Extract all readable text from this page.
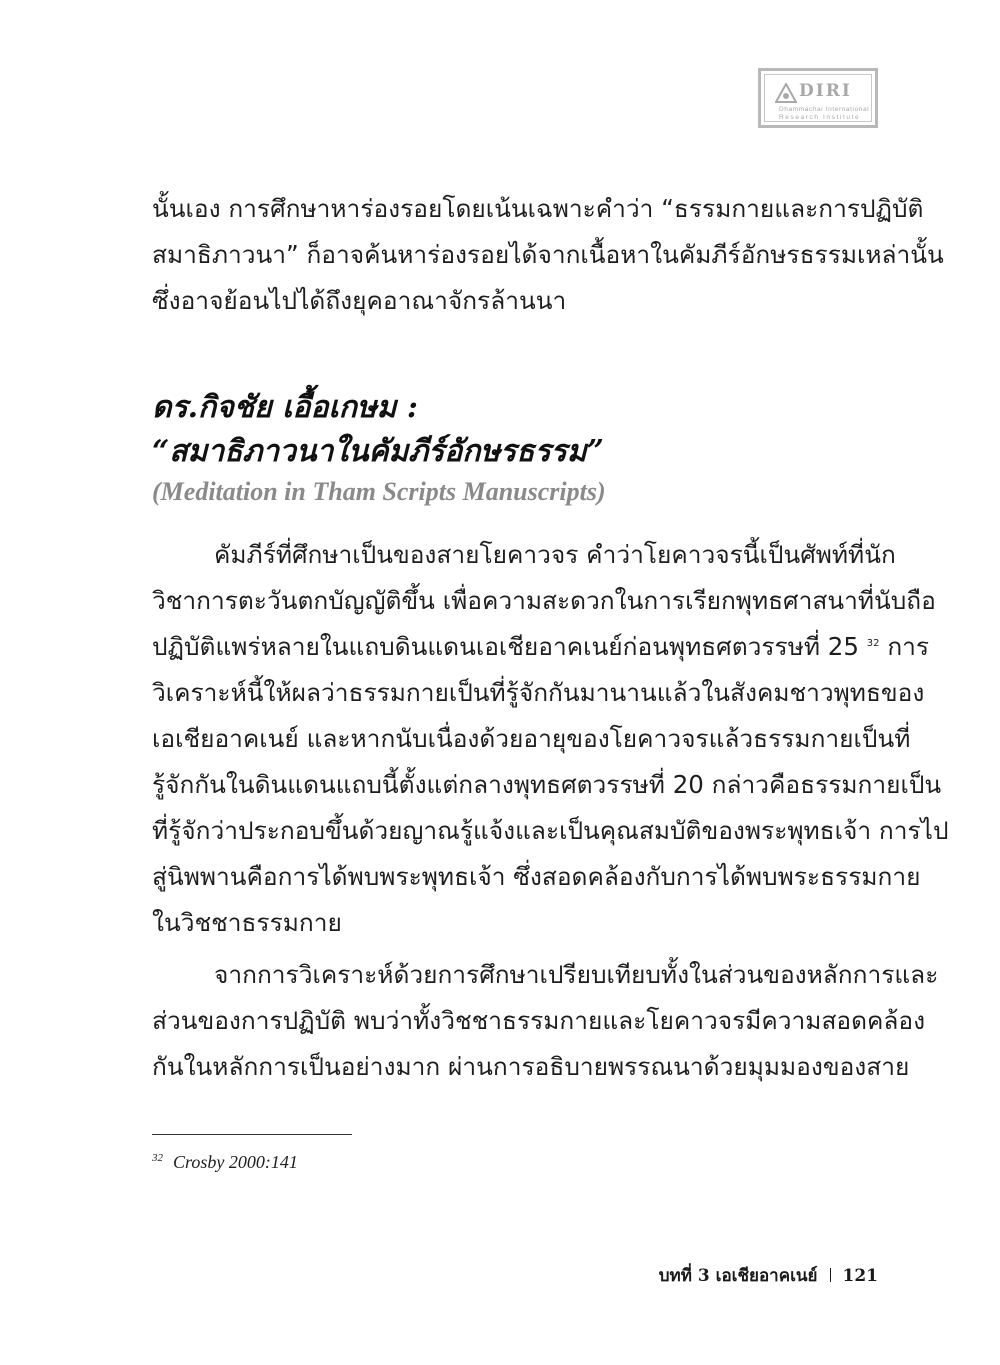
DIRI
Dhammachai International
Research Institute

นั้นเอง การศึกษาหาร่องรอยโดยเน้นเฉพาะคำว่า “ธรรมกายและการปฏิบัติ
สมาธิภาวนา” ก็อาจค้นหาร่องรอยได้จากเนื้อหาในคัมภีร์อักษรธรรมเหล่านั้น
ซึ่งอาจย้อนไปได้ถึงยุคอาณาจักรล้านนา

ดร.กิจชัย เอื้อเกษม :
“สมาธิภาวนาในคัมภีร์อักษรธรรม”
(Meditation in Tham Scripts Manuscripts)

คัมภีร์ที่ศึกษาเป็นของสายโยคาวจร คำว่าโยคาวจรนี้เป็นศัพท์ที่นัก
วิชาการตะวันตกบัญญัติขึ้น เพื่อความสะดวกในการเรียกพุทธศาสนาที่นับถือ
ปฏิบัติแพร่หลายในแถบดินแดนเอเชียอาคเนย์ก่อนพุทธศตวรรษที่ 25 $^{32}$ การ
วิเคราะห์นี้ให้ผลว่าธรรมกายเป็นที่รู้จักกันมานานแล้วในสังคมชาวพุทธของ
เอเชียอาคเนย์ และหากนับเนื่องด้วยอายุของโยคาวจรแล้วธรรมกายเป็นที่
รู้จักกันในดินแดนแถบนี้ตั้งแต่กลางพุทธศตวรรษที่ 20 กล่าวคือธรรมกายเป็น
ที่รู้จักว่าประกอบขึ้นด้วยญาณรู้แจ้งและเป็นคุณสมบัติของพระพุทธเจ้า การไป
สู่นิพพานคือการได้พบพระพุทธเจ้า ซึ่งสอดคล้องกับการได้พบพระธรรมกาย
ในวิชชาธรรมกาย

จากการวิเคราะห์ด้วยการศึกษาเปรียบเทียบทั้งในส่วนของหลักการและ
ส่วนของการปฏิบัติ พบว่าทั้งวิชชาธรรมกายและโยคาวจรมีความสอดคล้อง
กันในหลักการเป็นอย่างมาก ผ่านการอธิบายพรรณนาด้วยมุมมองของสาย

$^{32}$ Crosby 2000:141
บทที่ 3 เอเชียอาคเนย์ 121
